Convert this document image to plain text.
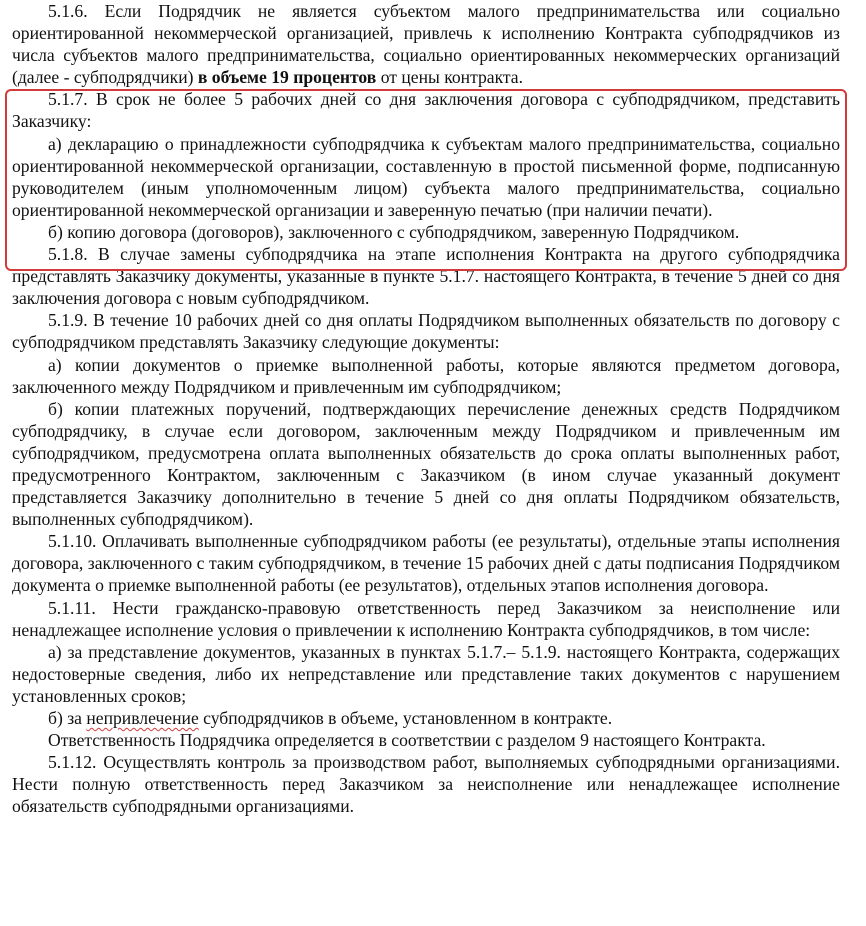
5.1.6. Если Подрядчик не является субъектом малого предпринимательства или социально ориентированной некоммерческой организацией, привлечь к исполнению Контракта субподрядчиков из числа субъектов малого предпринимательства, социально ориентированных некоммерческих организаций (далее - субподрядчики) в объеме 19 процентов от цены контракта.

5.1.7. В срок не более 5 рабочих дней со дня заключения договора с субподрядчиком, представить Заказчику:

а) декларацию о принадлежности субподрядчика к субъектам малого предпринимательства, социально ориентированной некоммерческой организации, составленную в простой письменной форме, подписанную руководителем (иным уполномоченным лицом) субъекта малого предпринимательства, социально ориентированной некоммерческой организации и заверенную печатью (при наличии печати).

б) копию договора (договоров), заключенного с субподрядчиком, заверенную Подрядчиком.

5.1.8. В случае замены субподрядчика на этапе исполнения Контракта на другого субподрядчика представлять Заказчику документы, указанные в пункте 5.1.7. настоящего Контракта, в течение 5 дней со дня заключения договора с новым субподрядчиком.

5.1.9. В течение 10 рабочих дней со дня оплаты Подрядчиком выполненных обязательств по договору с субподрядчиком представлять Заказчику следующие документы:

а) копии документов о приемке выполненной работы, которые являются предметом договора, заключенного между Подрядчиком и привлеченным им субподрядчиком;

б) копии платежных поручений, подтверждающих перечисление денежных средств Подрядчиком субподрядчику, в случае если договором, заключенным между Подрядчиком и привлеченным им субподрядчиком, предусмотрена оплата выполненных обязательств до срока оплаты выполненных работ, предусмотренного Контрактом, заключенным с Заказчиком (в ином случае указанный документ представляется Заказчику дополнительно в течение 5 дней со дня оплаты Подрядчиком обязательств, выполненных субподрядчиком).

5.1.10. Оплачивать выполненные субподрядчиком работы (ее результаты), отдельные этапы исполнения договора, заключенного с таким субподрядчиком, в течение 15 рабочих дней с даты подписания Подрядчиком документа о приемке выполненной работы (ее результатов), отдельных этапов исполнения договора.

5.1.11. Нести гражданско-правовую ответственность перед Заказчиком за неисполнение или ненадлежащее исполнение условия о привлечении к исполнению Контракта субподрядчиков, в том числе:

а) за представление документов, указанных в пунктах 5.1.7.– 5.1.9. настоящего Контракта, содержащих недостоверные сведения, либо их непредставление или представление таких документов с нарушением установленных сроков;

б) за непривлечение субподрядчиков в объеме, установленном в контракте.

Ответственность Подрядчика определяется в соответствии с разделом 9 настоящего Контракта.

5.1.12. Осуществлять контроль за производством работ, выполняемых субподрядными организациями. Нести полную ответственность перед Заказчиком за неисполнение или ненадлежащее исполнение обязательств субподрядными организациями.
